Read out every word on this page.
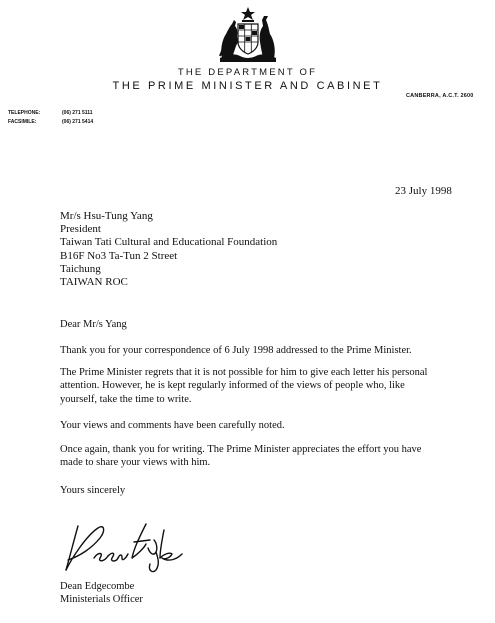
THE DEPARTMENT OF
THE PRIME MINISTER AND CABINET
CANBERRA, A.C.T. 2600
TELEPHONE:	(06) 271 5111
FACSIMILE:	(06) 271 5414
23 July 1998
Mr/s Hsu-Tung Yang
President
Taiwan Tati Cultural and Educational Foundation
B16F No3 Ta-Tun 2 Street
Taichung
TAIWAN ROC
Dear Mr/s Yang
Thank you for your correspondence of 6 July 1998 addressed to the Prime Minister.
The Prime Minister regrets that it is not possible for him to give each letter his personal
attention. However, he is kept regularly informed of the views of people who, like
yourself, take the time to write.
Your views and comments have been carefully noted.
Once again, thank you for writing. The Prime Minister appreciates the effort you have
made to share your views with him.
Yours sincerely
Dean Edgecombe
Ministerials Officer
